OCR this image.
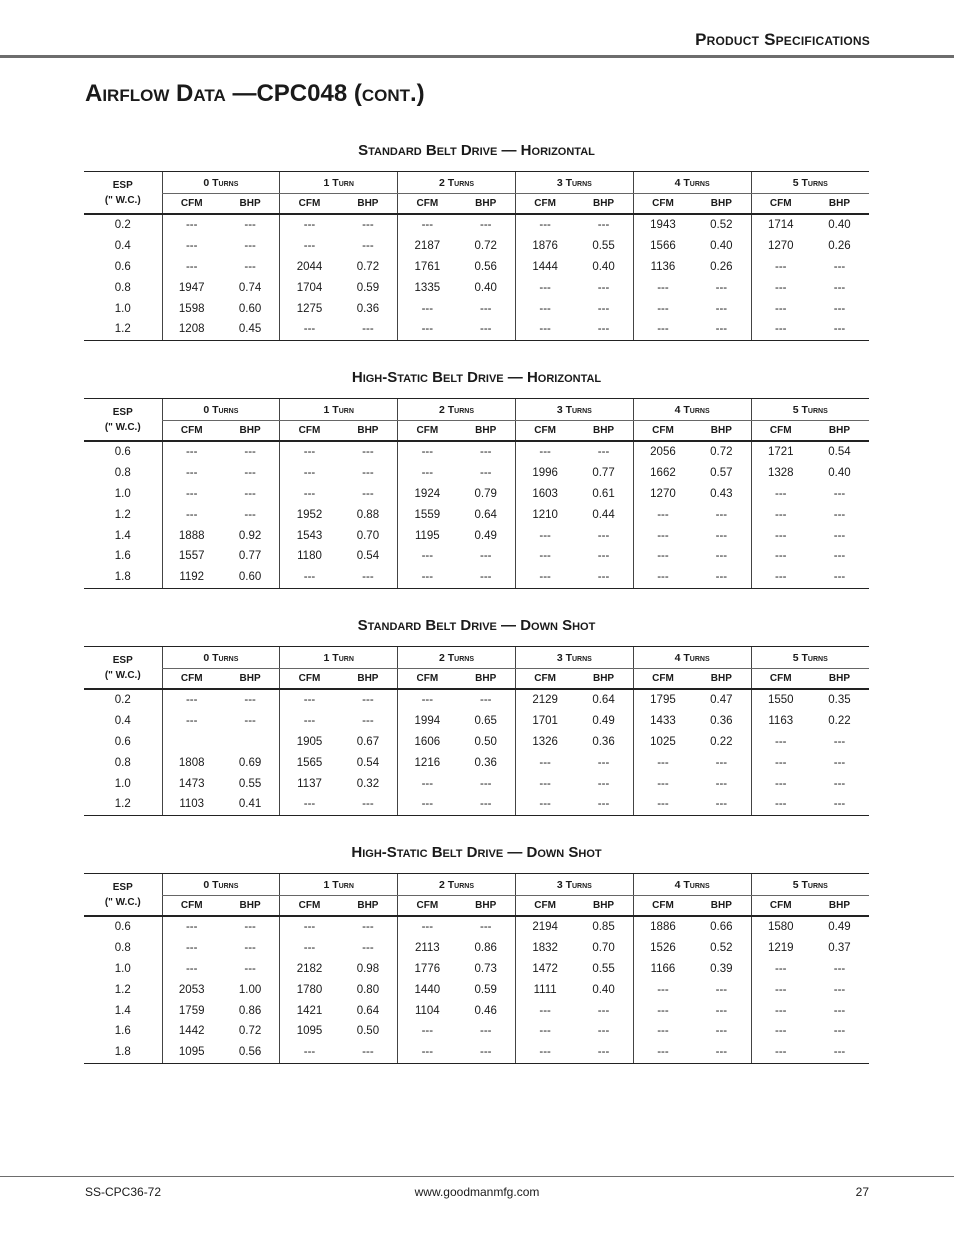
Product Specifications
Airflow Data —CPC048 (cont.)
Standard Belt Drive — Horizontal
ESP
(" W.C.)	0 Turns		1 Turn		2 Turns		3 Turns		4 Turns		5 Turns	
	CFM	BHP	CFM	BHP	CFM	BHP	CFM	BHP	CFM	BHP	CFM	BHP
0.2	---	---	---	---	---	---	---	---	1943	0.52	1714	0.40
0.4	---	---	---	---	2187	0.72	1876	0.55	1566	0.40	1270	0.26
0.6	---	---	2044	0.72	1761	0.56	1444	0.40	1136	0.26	---	---
0.8	1947	0.74	1704	0.59	1335	0.40	---	---	---	---	---	---
1.0	1598	0.60	1275	0.36	---	---	---	---	---	---	---	---
1.2	1208	0.45	---	---	---	---	---	---	---	---	---	---
High-Static Belt Drive — Horizontal
ESP
(" W.C.)	0 Turns		1 Turn		2 Turns		3 Turns		4 Turns		5 Turns	
	CFM	BHP	CFM	BHP	CFM	BHP	CFM	BHP	CFM	BHP	CFM	BHP
0.6	---	---	---	---	---	---	---	---	2056	0.72	1721	0.54
0.8	---	---	---	---	---	---	1996	0.77	1662	0.57	1328	0.40
1.0	---	---	---	---	1924	0.79	1603	0.61	1270	0.43	---	---
1.2	---	---	1952	0.88	1559	0.64	1210	0.44	---	---	---	---
1.4	1888	0.92	1543	0.70	1195	0.49	---	---	---	---	---	---
1.6	1557	0.77	1180	0.54	---	---	---	---	---	---	---	---
1.8	1192	0.60	---	---	---	---	---	---	---	---	---	---
Standard Belt Drive — Down Shot
ESP
(" W.C.)	0 Turns		1 Turn		2 Turns		3 Turns		4 Turns		5 Turns	
	CFM	BHP	CFM	BHP	CFM	BHP	CFM	BHP	CFM	BHP	CFM	BHP
0.2	---	---	---	---	---	---	2129	0.64	1795	0.47	1550	0.35
0.4	---	---	---	---	1994	0.65	1701	0.49	1433	0.36	1163	0.22
0.6			1905	0.67	1606	0.50	1326	0.36	1025	0.22	---	---
0.8	1808	0.69	1565	0.54	1216	0.36	---	---	---	---	---	---
1.0	1473	0.55	1137	0.32	---	---	---	---	---	---	---	---
1.2	1103	0.41	---	---	---	---	---	---	---	---	---	---
High-Static Belt Drive — Down Shot
ESP
(" W.C.)	0 Turns		1 Turn		2 Turns		3 Turns		4 Turns		5 Turns	
	CFM	BHP	CFM	BHP	CFM	BHP	CFM	BHP	CFM	BHP	CFM	BHP
0.6	---	---	---	---	---	---	2194	0.85	1886	0.66	1580	0.49
0.8	---	---	---	---	2113	0.86	1832	0.70	1526	0.52	1219	0.37
1.0	---	---	2182	0.98	1776	0.73	1472	0.55	1166	0.39	---	---
1.2	2053	1.00	1780	0.80	1440	0.59	1111	0.40	---	---	---	---
1.4	1759	0.86	1421	0.64	1104	0.46	---	---	---	---	---	---
1.6	1442	0.72	1095	0.50	---	---	---	---	---	---	---	---
1.8	1095	0.56	---	---	---	---	---	---	---	---	---	---
SS-CPC36-72	www.goodmanmfg.com	27
